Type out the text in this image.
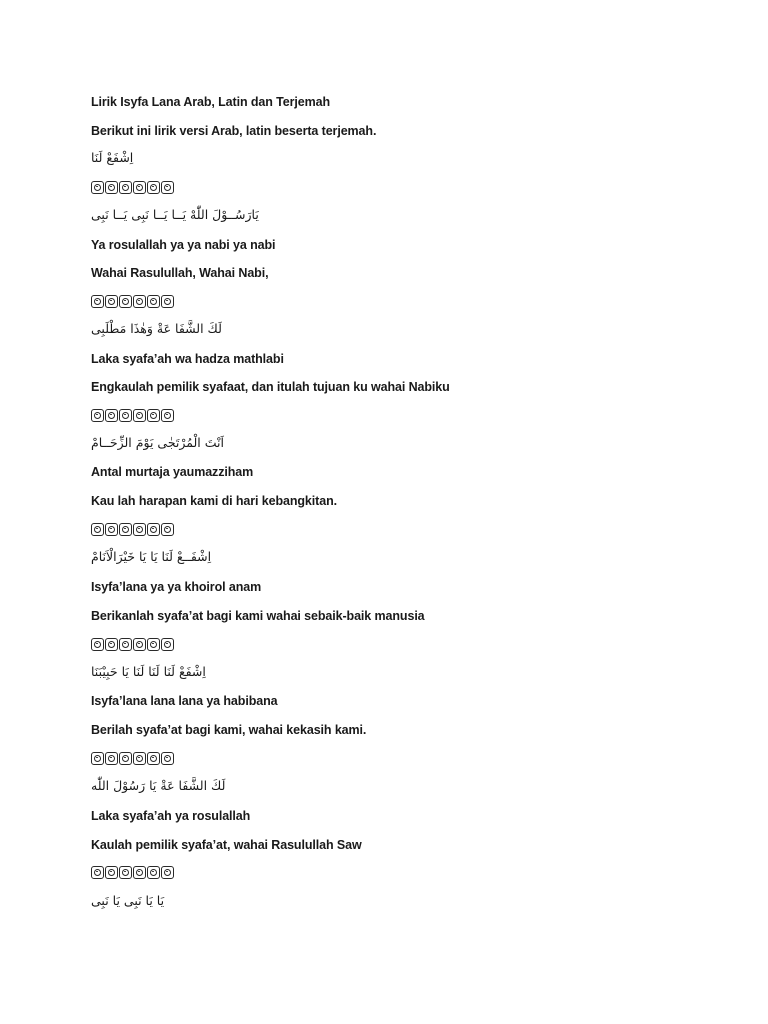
Lirik Isyfa Lana Arab, Latin dan Terjemah
Berikut ini lirik versi Arab, latin beserta terjemah.
اِشْفَعْ لَنَا
يَارَسُــوْلَ اللّٰهْ يَــا يَــا نَبِى يَــا نَبِى
Ya rosulallah ya ya nabi ya nabi
Wahai Rasulullah, Wahai Nabi,
لَكَ الشَّفَا عَةْ وَهٰذَا مَطْلَبِى
Laka syafa’ah wa hadza mathlabi
Engkaulah pemilik syafaat, dan itulah tujuan ku wahai Nabiku
اَنْتَ الْمُرْتَجٰى يَوْمَ الزِّحَــامْ
Antal murtaja yaumazziham
Kau lah harapan kami di hari kebangkitan.
اِشْفَــعْ لَنَا يَا يَا خَيْرَالْاَنَامْ
Isyfa’lana ya ya khoirol anam
Berikanlah syafa’at bagi kami wahai sebaik-baik manusia
اِشْفَعْ لَنَا لَنَا لَنَا يَا حَبِيْبَنَا
Isyfa’lana lana lana ya habibana
Berilah syafa’at bagi kami, wahai kekasih kami.
لَكَ الشَّفَا عَةْ يَا رَسُوْلَ اللّٰه
Laka syafa’ah ya rosulallah
Kaulah pemilik syafa’at, wahai Rasulullah Saw
يَا يَا نَبِى يَا نَبِى
